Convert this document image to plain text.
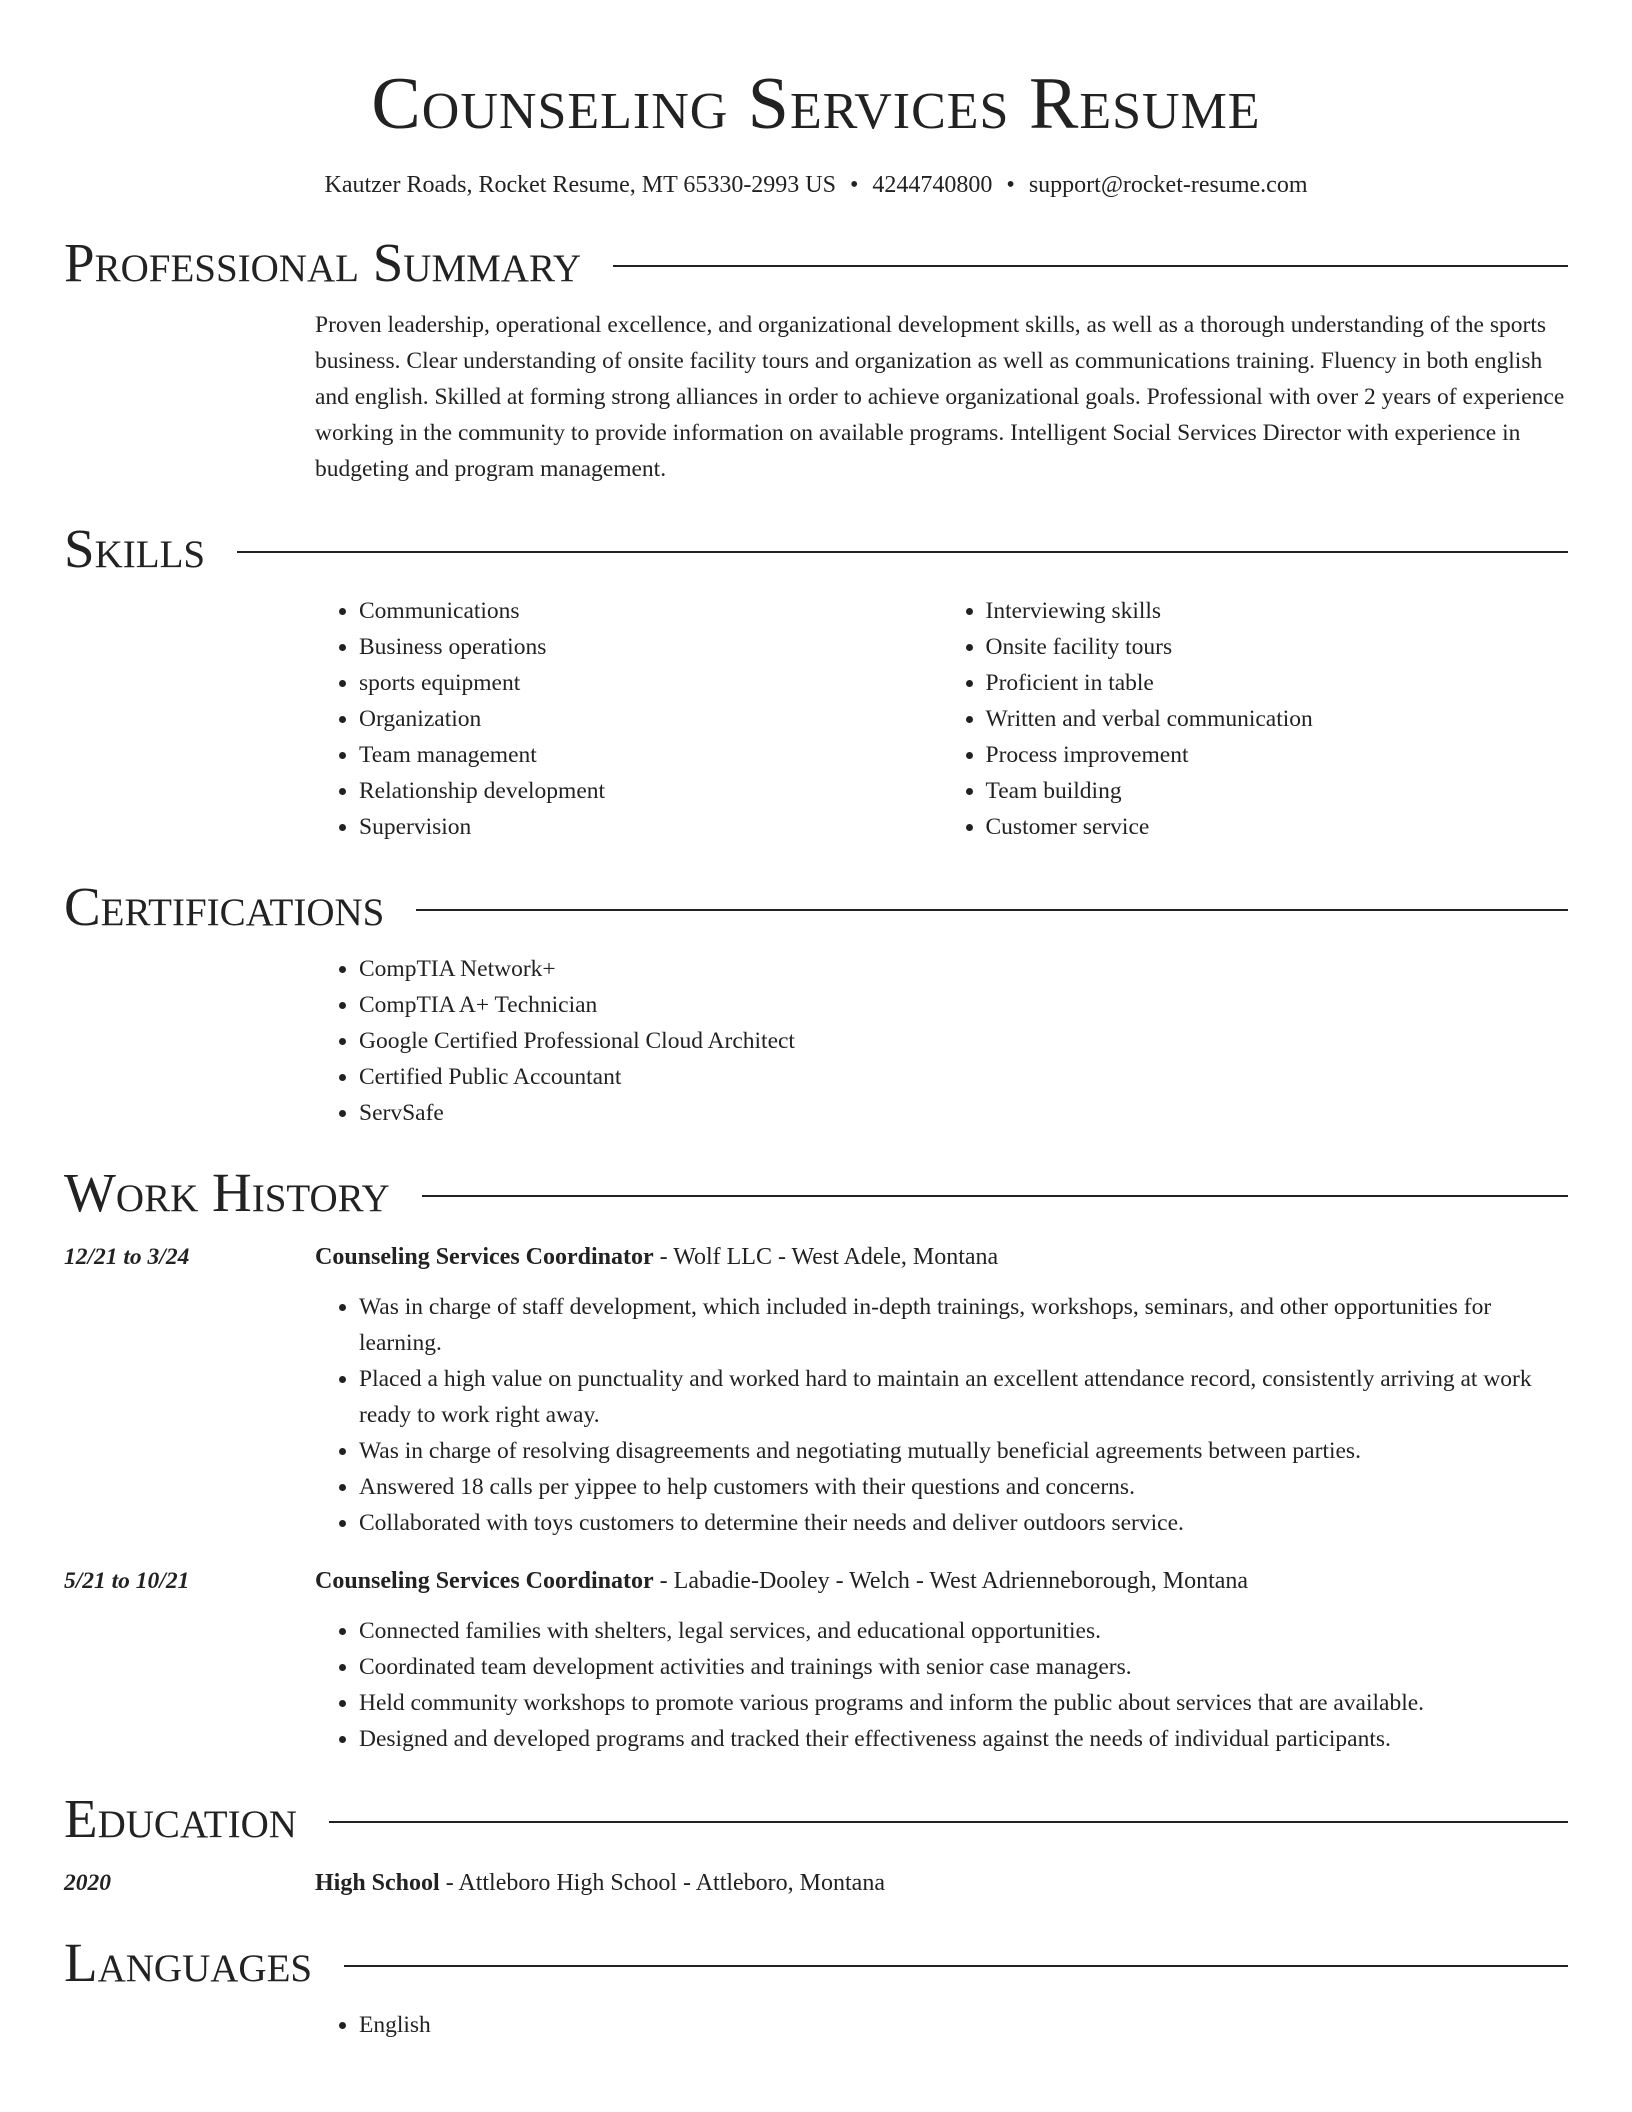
Counseling Services Resume
Kautzer Roads, Rocket Resume, MT 65330-2993 US • 4244740800 • support@rocket-resume.com
Professional Summary

Proven leadership, operational excellence, and organizational development skills, as well as a thorough understanding of the sports business. Clear understanding of onsite facility tours and organization as well as communications training. Fluency in both english and english. Skilled at forming strong alliances in order to achieve organizational goals. Professional with over 2 years of experience working in the community to provide information on available programs. Intelligent Social Services Director with experience in budgeting and program management.

Skills
• Communications
• Business operations
• sports equipment
• Organization
• Team management
• Relationship development
• Supervision
• Interviewing skills
• Onsite facility tours
• Proficient in table
• Written and verbal communication
• Process improvement
• Team building
• Customer service
Certifications
• CompTIA Network+
• CompTIA A+ Technician
• Google Certified Professional Cloud Architect
• Certified Public Accountant
• ServSafe
Work History
12/21 to 3/24	Counseling Services Coordinator - Wolf LLC - West Adele, Montana
• Was in charge of staff development, which included in-depth trainings, workshops, seminars, and other opportunities for learning.
• Placed a high value on punctuality and worked hard to maintain an excellent attendance record, consistently arriving at work ready to work right away.
• Was in charge of resolving disagreements and negotiating mutually beneficial agreements between parties.
• Answered 18 calls per yippee to help customers with their questions and concerns.
• Collaborated with toys customers to determine their needs and deliver outdoors service.
5/21 to 10/21	Counseling Services Coordinator - Labadie-Dooley - Welch - West Adrienneborough, Montana
• Connected families with shelters, legal services, and educational opportunities.
• Coordinated team development activities and trainings with senior case managers.
• Held community workshops to promote various programs and inform the public about services that are available.
• Designed and developed programs and tracked their effectiveness against the needs of individual participants.
Education
2020	High School - Attleboro High School - Attleboro, Montana
Languages
• English
